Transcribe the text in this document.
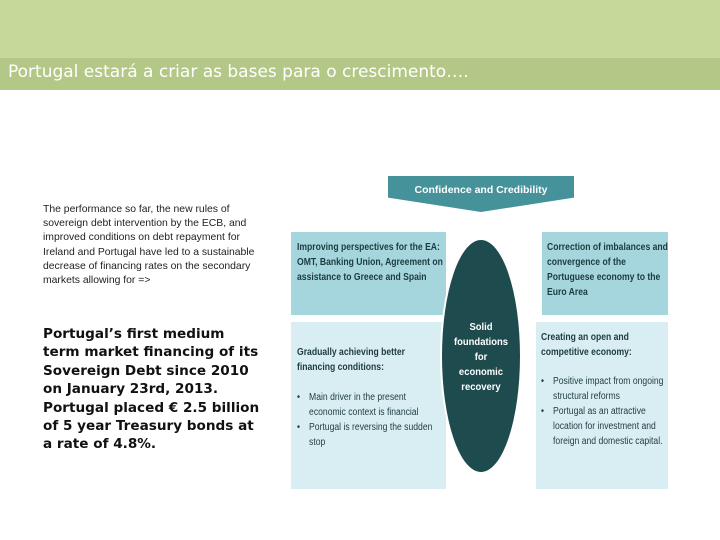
Portugal estará a criar as bases para o crescimento….

The performance so far, the new rules of sovereign debt intervention by the ECB, and improved conditions on debt repayment for Ireland and Portugal have led to a sustainable decrease of financing rates on the secondary markets allowing for =>

Portugal’s first medium term market financing of its Sovereign Debt since 2010 on January 23rd, 2013. Portugal placed € 2.5 billion of 5 year Treasury bonds at a rate of 4.8%.

Confidence and Credibility
Improving perspectives for the EA: OMT, Banking Union, Agreement on assistance to Greece and Spain
Correction of imbalances and convergence of the Portuguese economy to the Euro Area
Gradually achieving better financing conditions:
• Main driver in the present economic context is financial
• Portugal is reversing the sudden stop
Creating an open and competitive economy:
• Positive impact from ongoing structural reforms
• Portugal as an attractive location for investment and foreign and domestic capital.
Solid
foundations
for
economic
recovery
